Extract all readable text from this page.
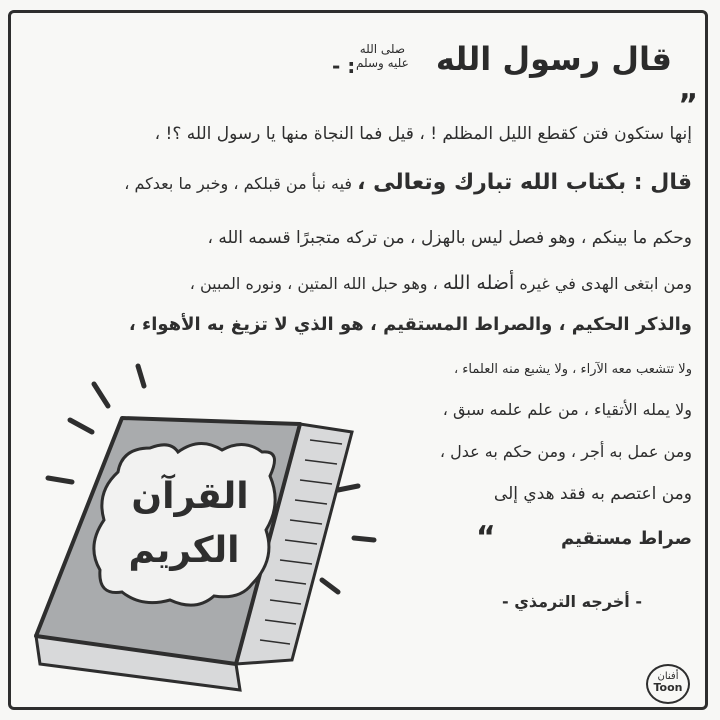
القرآن
الكريم
قال رسول الله
صلى الله
عليه وسلم
- :
”
إنها ستكون فتن كقطع الليل المظلم ! ، قيل فما النجاة منها يا رسول الله ؟! ،
قال : بكتاب الله تبارك وتعالى ، فيه نبأ من قبلكم ، وخبر ما بعدكم ،
وحكم ما بينكم ، وهو فصل ليس بالهزل ، من تركه متجبرًا قسمه الله ،
ومن ابتغى الهدى في غيره أضله الله ، وهو حبل الله المتين ، ونوره المبين ،
والذكر الحكيم ، والصراط المستقيم ، هو الذي لا تزيغ به الأهواء ،
ولا تتشعب معه الآراء ، ولا يشبع منه العلماء ،
ولا يمله الأتقياء ، من علم علمه سبق ،
ومن عمل به أجر ، ومن حكم به عدل ،
ومن اعتصم به فقد هدي إلى
صراط مستقيم
“
- أخرجه الترمذي -
أفنان
Toon
